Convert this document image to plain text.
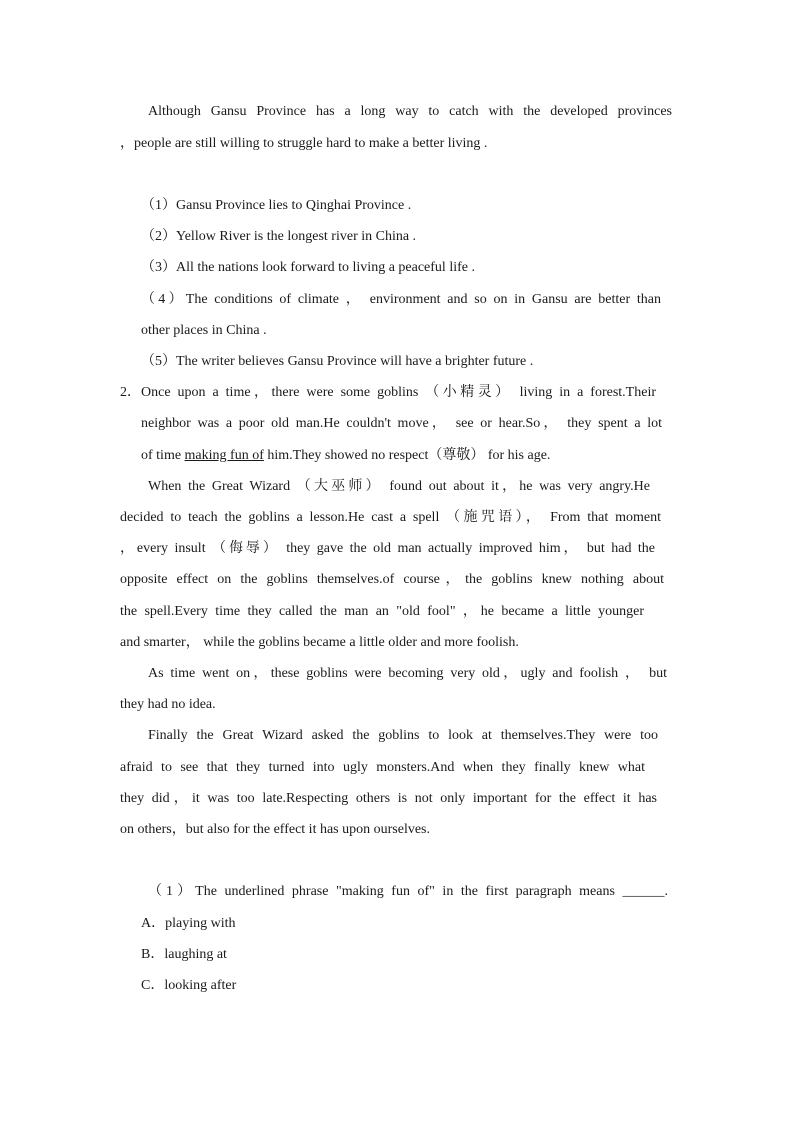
Although Gansu Province has a long way to catch with the developed provinces
，people are still willing to struggle hard to make a better living .
（1）Gansu Province lies to Qinghai Province .
（2）Yellow River is the longest river in China .
（3）All the nations look forward to living a peaceful life .
（4）The conditions of climate ， environment and so on in Gansu are better than
other places in China .
（5）The writer believes Gansu Province will have a brighter future .
2． Once upon a time，there were some goblins （小精灵） living in a forest.Their
neighbor was a poor old man.He couldn't move， see or hear.So， they spent a lot
of time making fun of him.They showed no respect（尊敬） for his age.
When the Great Wizard （大巫师） found out about it，he was very angry.He
decided to teach the goblins a lesson.He cast a spell （施咒语）， From that moment
，every insult （侮辱） they gave the old man actually improved him， but had the
opposite effect on the goblins themselves.of course，the goblins knew nothing about
the spell.Every time they called the man an "old fool" ，he became a little younger
and smarter， while the goblins became a little older and more foolish.
As time went on，these goblins were becoming very old，ugly and foolish ， but
they had no idea.
Finally the Great Wizard asked the goblins to look at themselves.They were too
afraid to see that they turned into ugly monsters.And when they finally knew what
they did，it was too late.Respecting others is not only important for the effect it has
on others，but also for the effect it has upon ourselves.
（1）The underlined phrase "making fun of" in the first paragraph means ______.
A．playing with
B．laughing at
C．looking after
